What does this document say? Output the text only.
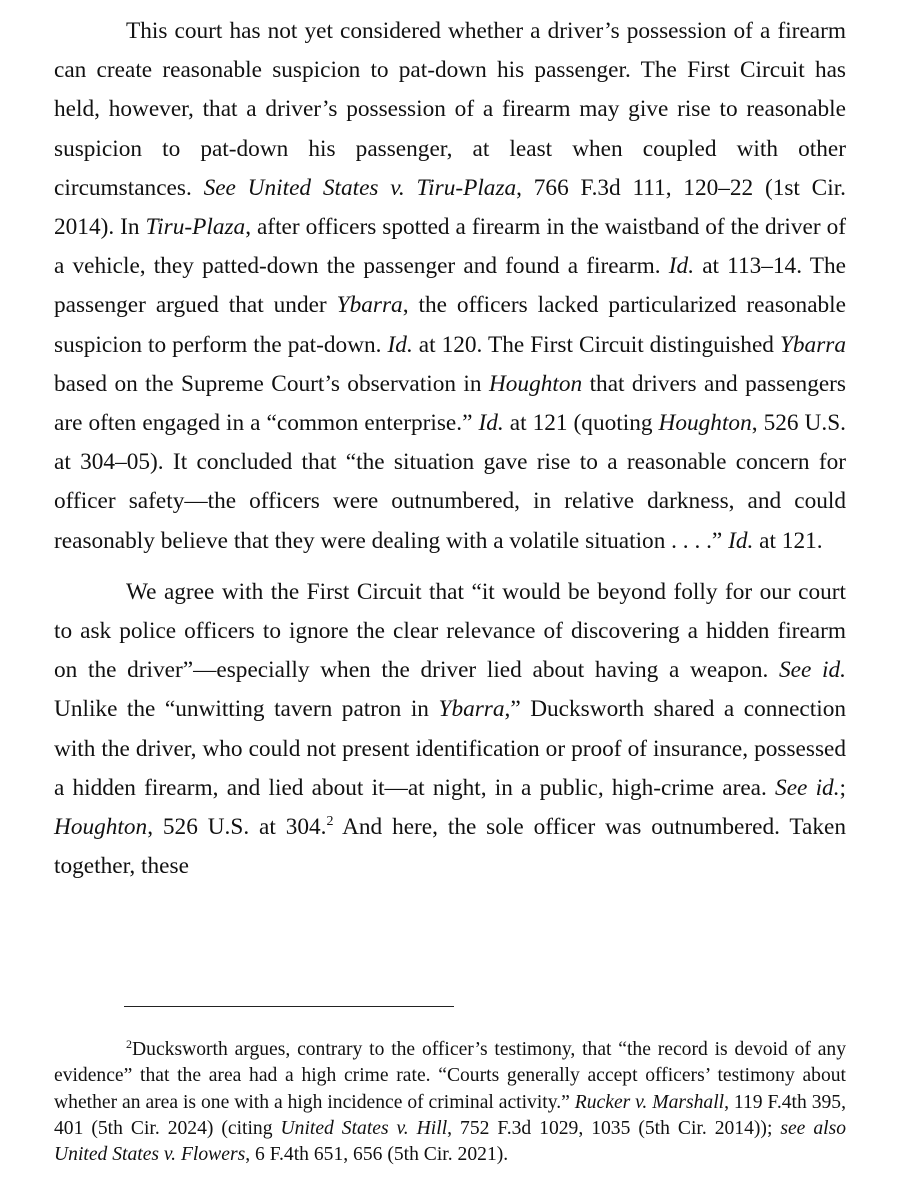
This court has not yet considered whether a driver’s possession of a firearm can create reasonable suspicion to pat-down his passenger. The First Circuit has held, however, that a driver’s possession of a firearm may give rise to reasonable suspicion to pat-down his passenger, at least when coupled with other circumstances. See United States v. Tiru-Plaza, 766 F.3d 111, 120–22 (1st Cir. 2014). In Tiru-Plaza, after officers spotted a firearm in the waistband of the driver of a vehicle, they patted-down the passenger and found a firearm. Id. at 113–14. The passenger argued that under Ybarra, the officers lacked particularized reasonable suspicion to perform the pat-down. Id. at 120. The First Circuit distinguished Ybarra based on the Supreme Court’s observation in Houghton that drivers and passengers are often engaged in a “common enterprise.” Id. at 121 (quoting Houghton, 526 U.S. at 304–05). It concluded that “the situation gave rise to a reasonable concern for officer safety—the officers were outnumbered, in relative darkness, and could reasonably believe that they were dealing with a volatile situation . . . .” Id. at 121.

We agree with the First Circuit that “it would be beyond folly for our court to ask police officers to ignore the clear relevance of discovering a hidden firearm on the driver”—especially when the driver lied about having a weapon. See id. Unlike the “unwitting tavern patron in Ybarra,” Ducksworth shared a connection with the driver, who could not present identification or proof of insurance, possessed a hidden firearm, and lied about it—at night, in a public, high-crime area. See id.; Houghton, 526 U.S. at 304.$^2$ And here, the sole officer was outnumbered. Taken together, these

$^2$Ducksworth argues, contrary to the officer’s testimony, that “the record is devoid of any evidence” that the area had a high crime rate. “Courts generally accept officers’ testimony about whether an area is one with a high incidence of criminal activity.” Rucker v. Marshall, 119 F.4th 395, 401 (5th Cir. 2024) (citing United States v. Hill, 752 F.3d 1029, 1035 (5th Cir. 2014)); see also United States v. Flowers, 6 F.4th 651, 656 (5th Cir. 2021).
